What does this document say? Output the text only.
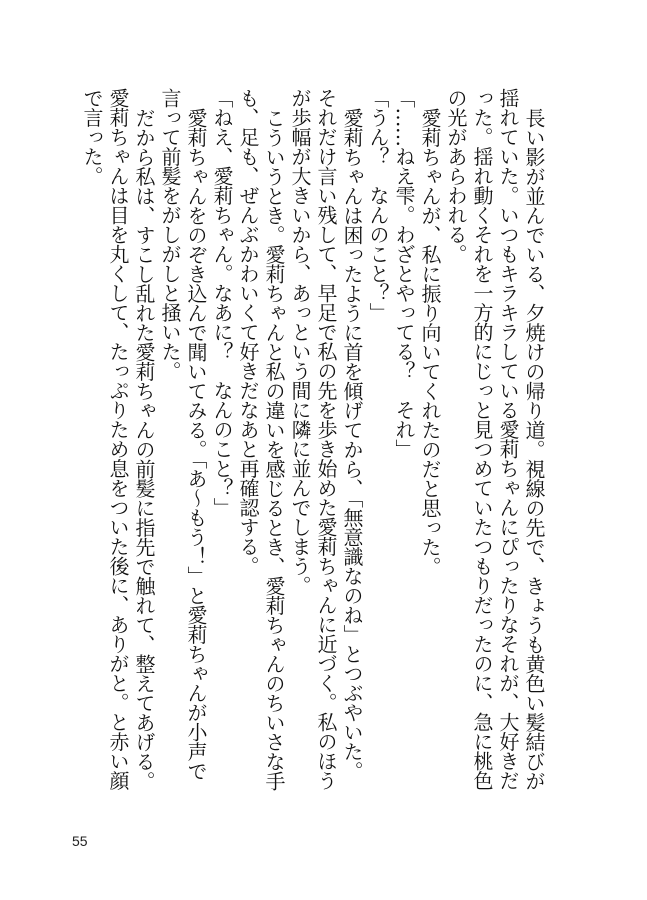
長い影が並んでいる、夕焼けの帰り道。視線の先で、きょうも黄色い髪結びが揺れていた。いつもキラキラしている愛莉ちゃんにぴったりなそれが、大好きだった。揺れ動くそれを一方的にじっと見つめていたつもりだったのに、急に桃色の光があらわれる。

愛莉ちゃんが、私に振り向いてくれたのだと思った。

「……ねえ雫。わざとやってる？　それ」

「うん？　なんのこと？」

愛莉ちゃんは困ったように首を傾げてから、「無意識なのね」とつぶやいた。それだけ言い残して、早足で私の先を歩き始めた愛莉ちゃんに近づく。私のほうが歩幅が大きいから、あっという間に隣に並んでしまう。

こういうとき。愛莉ちゃんと私の違いを感じるとき、愛莉ちゃんのちいさな手も、足も、ぜんぶかわいくて好きだなあと再確認する。

「ねえ、愛莉ちゃん。なあに？　なんのこと？」

愛莉ちゃんをのぞき込んで聞いてみる。「あ〜もう！」と愛莉ちゃんが小声で言って前髪をがしがしと掻いた。

だから私は、すこし乱れた愛莉ちゃんの前髪に指先で触れて、整えてあげる。愛莉ちゃんは目を丸くして、たっぷりため息をついた後に、ありがと。と赤い顔で言った。

55
